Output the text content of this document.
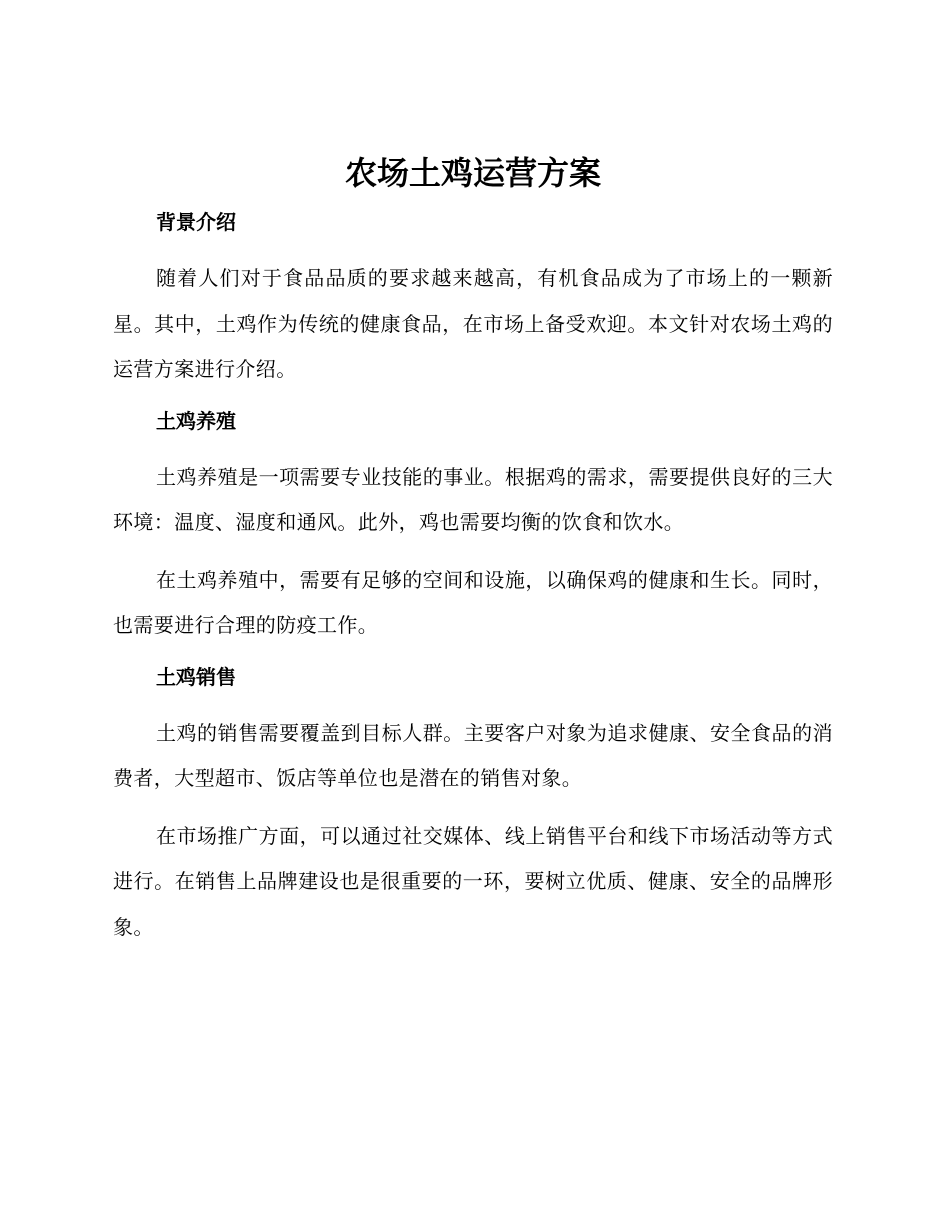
农场土鸡运营方案
背景介绍

随着人们对于食品品质的要求越来越高，有机食品成为了市场上的一颗新星。其中，土鸡作为传统的健康食品，在市场上备受欢迎。本文针对农场土鸡的运营方案进行介绍。

土鸡养殖

土鸡养殖是一项需要专业技能的事业。根据鸡的需求，需要提供良好的三大环境：温度、湿度和通风。此外，鸡也需要均衡的饮食和饮水。

在土鸡养殖中，需要有足够的空间和设施，以确保鸡的健康和生长。同时，也需要进行合理的防疫工作。

土鸡销售

土鸡的销售需要覆盖到目标人群。主要客户对象为追求健康、安全食品的消费者，大型超市、饭店等单位也是潜在的销售对象。

在市场推广方面，可以通过社交媒体、线上销售平台和线下市场活动等方式进行。在销售上品牌建设也是很重要的一环，要树立优质、健康、安全的品牌形象。
